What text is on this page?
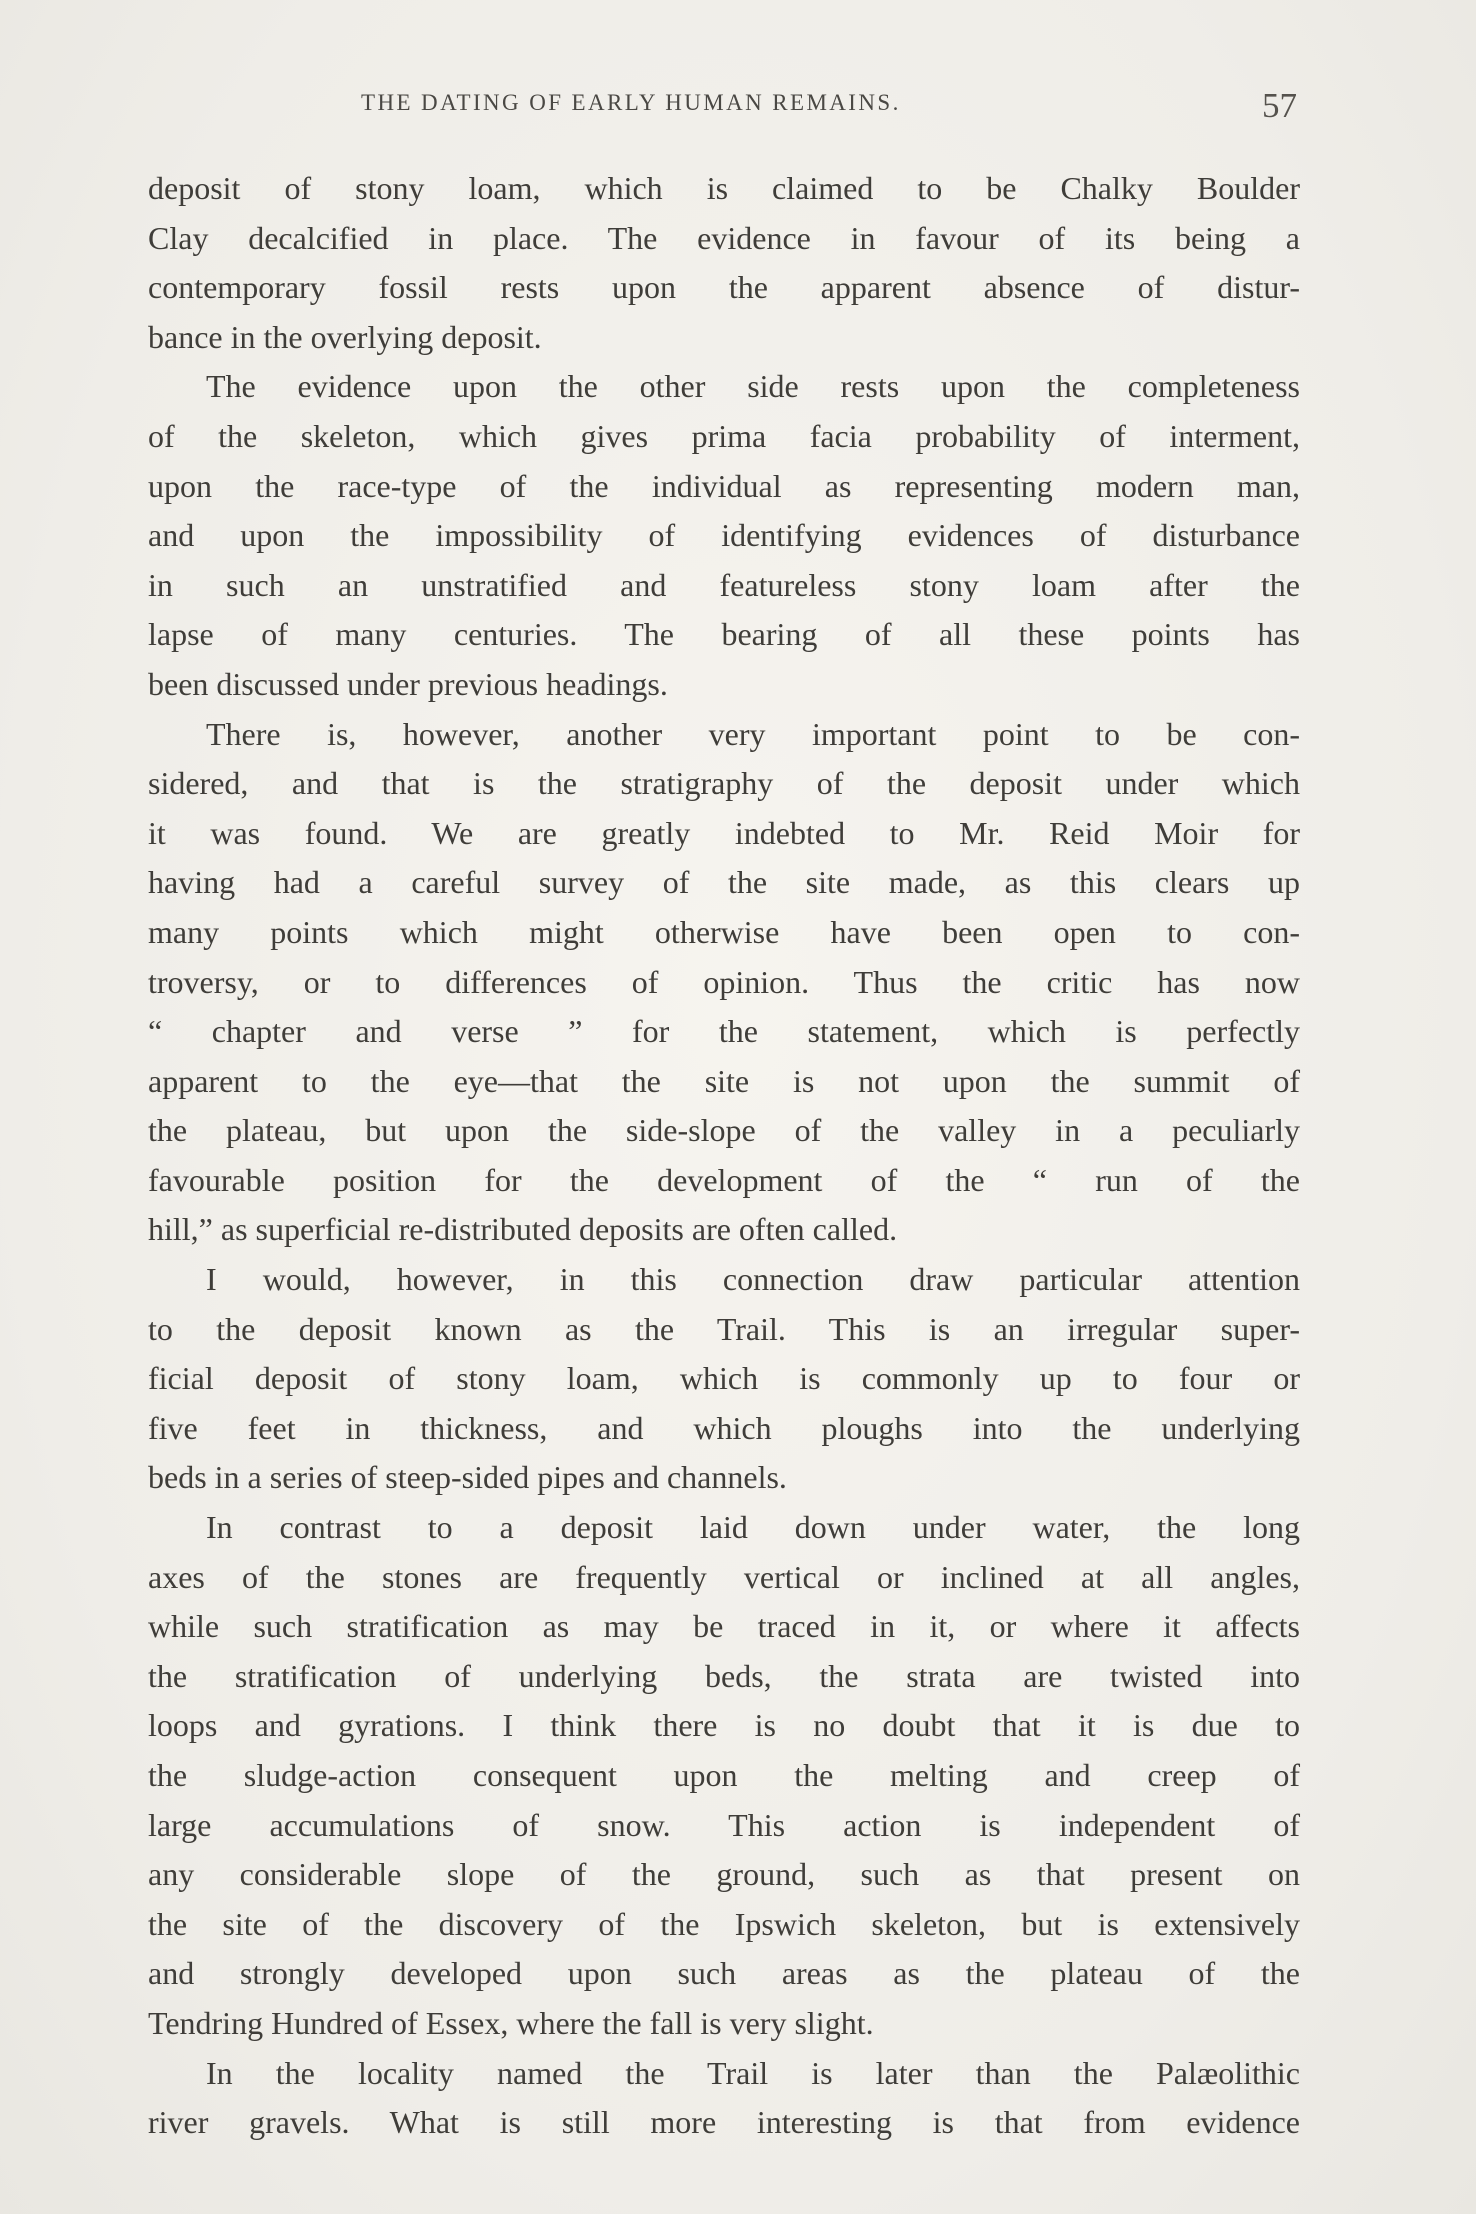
THE DATING OF EARLY HUMAN REMAINS.	57
deposit of stony loam, which is claimed to be Chalky Boulder
Clay decalcified in place. The evidence in favour of its being a
contemporary fossil rests upon the apparent absence of distur-
bance in the overlying deposit.
The evidence upon the other side rests upon the completeness
of the skeleton, which gives prima facia probability of interment,
upon the race-type of the individual as representing modern man,
and upon the impossibility of identifying evidences of disturbance
in such an unstratified and featureless stony loam after the
lapse of many centuries. The bearing of all these points has
been discussed under previous headings.
There is, however, another very important point to be con-
sidered, and that is the stratigraphy of the deposit under which
it was found. We are greatly indebted to Mr. Reid Moir for
having had a careful survey of the site made, as this clears up
many points which might otherwise have been open to con-
troversy, or to differences of opinion. Thus the critic has now
“ chapter and verse ” for the statement, which is perfectly
apparent to the eye—that the site is not upon the summit of
the plateau, but upon the side-slope of the valley in a peculiarly
favourable position for the development of the “ run of the
hill,” as superficial re-distributed deposits are often called.
I would, however, in this connection draw particular attention
to the deposit known as the Trail. This is an irregular super-
ficial deposit of stony loam, which is commonly up to four or
five feet in thickness, and which ploughs into the underlying
beds in a series of steep-sided pipes and channels.
In contrast to a deposit laid down under water, the long
axes of the stones are frequently vertical or inclined at all angles,
while such stratification as may be traced in it, or where it affects
the stratification of underlying beds, the strata are twisted into
loops and gyrations. I think there is no doubt that it is due to
the sludge-action consequent upon the melting and creep of
large accumulations of snow. This action is independent of
any considerable slope of the ground, such as that present on
the site of the discovery of the Ipswich skeleton, but is extensively
and strongly developed upon such areas as the plateau of the
Tendring Hundred of Essex, where the fall is very slight.
In the locality named the Trail is later than the Palæolithic
river gravels. What is still more interesting is that from evidence
